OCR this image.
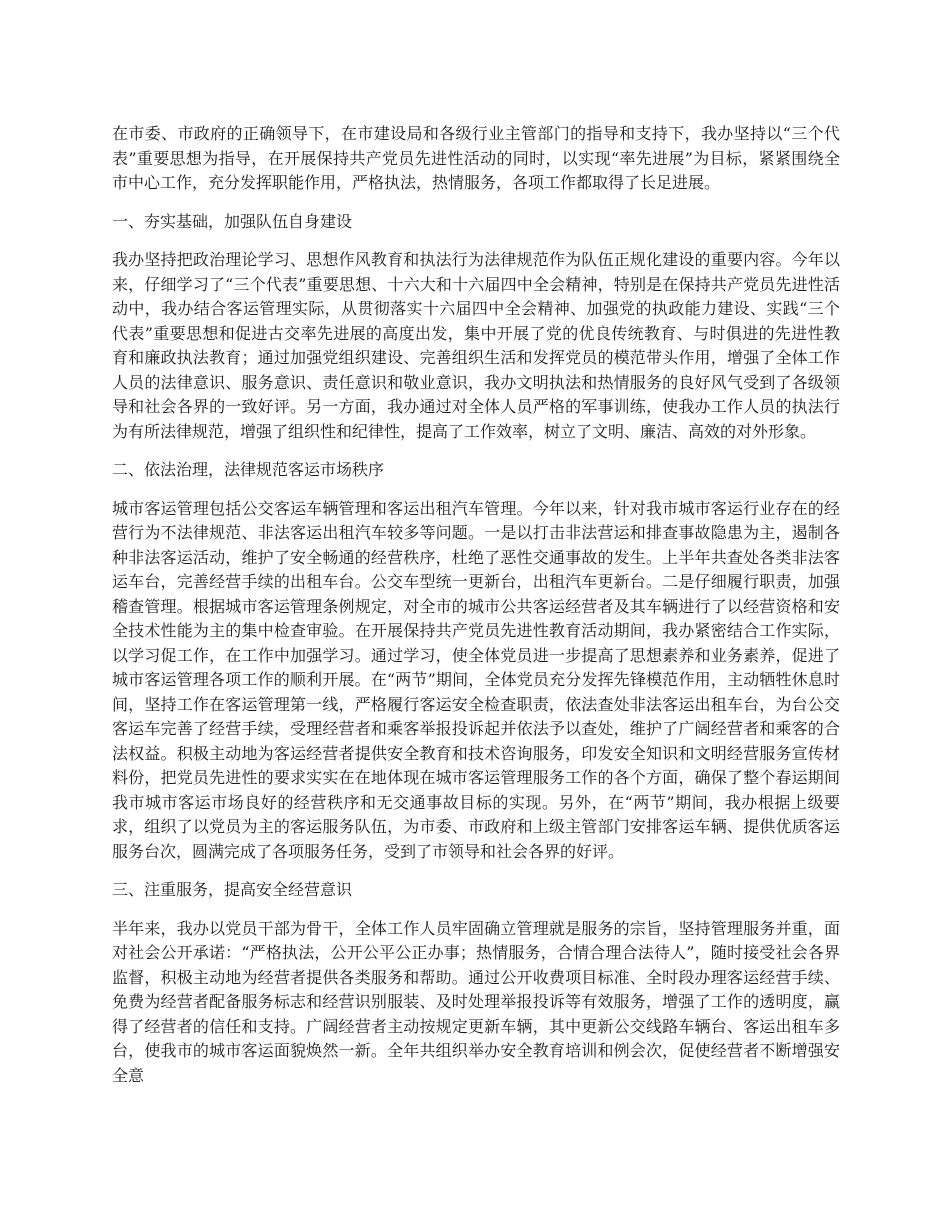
在市委、市政府的正确领导下，在市建设局和各级行业主管部门的指导和支持下，我办坚持以“三个代表”重要思想为指导，在开展保持共产党员先进性活动的同时，以实现“率先进展”为目标，紧紧围绕全市中心工作，充分发挥职能作用，严格执法，热情服务，各项工作都取得了长足进展。

一、夯实基础，加强队伍自身建设

我办坚持把政治理论学习、思想作风教育和执法行为法律规范作为队伍正规化建设的重要内容。今年以来，仔细学习了“三个代表”重要思想、十六大和十六届四中全会精神，特别是在保持共产党员先进性活动中，我办结合客运管理实际，从贯彻落实十六届四中全会精神、加强党的执政能力建设、实践“三个代表”重要思想和促进古交率先进展的高度出发，集中开展了党的优良传统教育、与时俱进的先进性教育和廉政执法教育；通过加强党组织建设、完善组织生活和发挥党员的模范带头作用，增强了全体工作人员的法律意识、服务意识、责任意识和敬业意识，我办文明执法和热情服务的良好风气受到了各级领导和社会各界的一致好评。另一方面，我办通过对全体人员严格的军事训练，使我办工作人员的执法行为有所法律规范，增强了组织性和纪律性，提高了工作效率，树立了文明、廉洁、高效的对外形象。

二、依法治理，法律规范客运市场秩序

城市客运管理包括公交客运车辆管理和客运出租汽车管理。今年以来，针对我市城市客运行业存在的经营行为不法律规范、非法客运出租汽车较多等问题。一是以打击非法营运和排查事故隐患为主，遏制各种非法客运活动，维护了安全畅通的经营秩序，杜绝了恶性交通事故的发生。上半年共查处各类非法客运车台，完善经营手续的出租车台。公交车型统一更新台，出租汽车更新台。二是仔细履行职责，加强稽查管理。根据城市客运管理条例规定，对全市的城市公共客运经营者及其车辆进行了以经营资格和安全技术性能为主的集中检查审验。在开展保持共产党员先进性教育活动期间，我办紧密结合工作实际，以学习促工作，在工作中加强学习。通过学习，使全体党员进一步提高了思想素养和业务素养，促进了城市客运管理各项工作的顺利开展。在“两节”期间，全体党员充分发挥先锋模范作用，主动牺牲休息时间，坚持工作在客运管理第一线，严格履行客运安全检查职责，依法查处非法客运出租车台，为台公交客运车完善了经营手续，受理经营者和乘客举报投诉起并依法予以查处，维护了广阔经营者和乘客的合法权益。积极主动地为客运经营者提供安全教育和技术咨询服务，印发安全知识和文明经营服务宣传材料份，把党员先进性的要求实实在在地体现在城市客运管理服务工作的各个方面，确保了整个春运期间我市城市客运市场良好的经营秩序和无交通事故目标的实现。另外，在“两节”期间，我办根据上级要求，组织了以党员为主的客运服务队伍，为市委、市政府和上级主管部门安排客运车辆、提供优质客运服务台次，圆满完成了各项服务任务，受到了市领导和社会各界的好评。

三、注重服务，提高安全经营意识

半年来，我办以党员干部为骨干，全体工作人员牢固确立管理就是服务的宗旨，坚持管理服务并重，面对社会公开承诺：“严格执法，公开公平公正办事；热情服务，合情合理合法待人”，随时接受社会各界监督，积极主动地为经营者提供各类服务和帮助。通过公开收费项目标准、全时段办理客运经营手续、免费为经营者配备服务标志和经营识别服装、及时处理举报投诉等有效服务，增强了工作的透明度，赢得了经营者的信任和支持。广阔经营者主动按规定更新车辆，其中更新公交线路车辆台、客运出租车多台，使我市的城市客运面貌焕然一新。全年共组织举办安全教育培训和例会次，促使经营者不断增强安全意
